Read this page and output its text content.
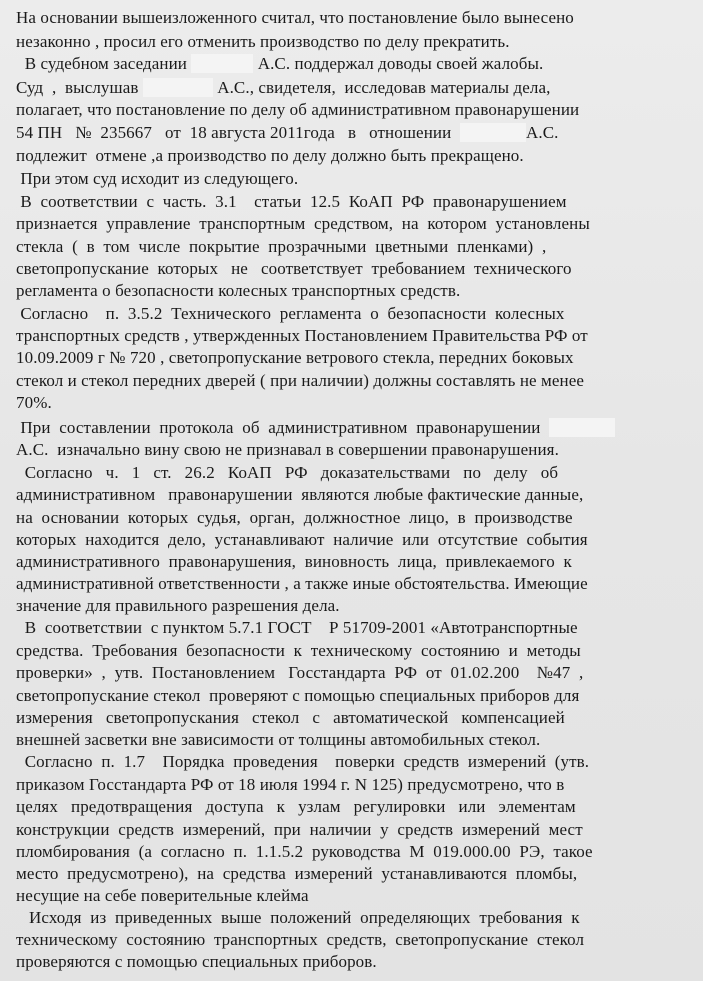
На основании вышеизложенного считал, что постановление было вынесено
незаконно , просил его отменить производство по делу прекратить.
В судебном заседании	А.С. поддержал доводы своей жалобы.
Суд  ,  выслушав	А.С., свидетеля,  исследовав материалы дела,
полагает, что постановление по делу об административном правонарушении
54 ПН   №  235667   от  18 августа 2011года   в   отношении	А.С.
подлежит  отмене ,а производство по делу должно быть прекращено.
При этом суд исходит из следующего.
В  соответствии  с  часть.  3.1    статьи  12.5  КоАП  РФ  правонарушением
признается  управление  транспортным  средством,  на  котором  установлены
стекла  (  в  том  числе  покрытие  прозрачными  цветными  пленками)  ,
светопропускание  которых   не   соответствует  требованием  технического
регламента о безопасности колесных транспортных средств.
Согласно    п.  3.5.2  Технического  регламента  о  безопасности  колесных
транспортных средств , утвержденных Постановлением Правительства РФ от
10.09.2009 г № 720 , светопропускание ветрового стекла, передних боковых
стекол и стекол передних дверей ( при наличии) должны составлять не менее
70%.
При  составлении  протокола  об  административном  правонарушении
А.С.  изначально вину свою не признавал в совершении правонарушения.
Согласно   ч.   1   ст.   26.2   КоАП   РФ   доказательствами   по   делу   об
административном   правонарушении  являются любые фактические данные,
на  основании  которых  судья,  орган,  должностное  лицо,  в  производстве
которых  находится  дело,  устанавливают  наличие  или  отсутствие  события
административного  правонарушения,  виновность  лица,  привлекаемого  к
административной ответственности , а также иные обстоятельства. Имеющие
значение для правильного разрешения дела.
В  соответствии  с пунктом 5.7.1 ГОСТ    Р 51709-2001 «Автотранспортные
средства.  Требования  безопасности  к  техническому  состоянию  и  методы
проверки»  ,  утв.  Постановлением   Госстандарта  РФ  от  01.02.200    №47  ,
светопропускание стекол  проверяют с помощью специальных приборов для
измерения   светопропускания   стекол   с   автоматической   компенсацией
внешней засветки вне зависимости от толщины автомобильных стекол.
Согласно  п.  1.7    Порядка  проведения    поверки  средств  измерений  (утв.
приказом Госстандарта РФ от 18 июля 1994 г. N 125) предусмотрено, что в
целях   предотвращения   доступа   к   узлам   регулировки   или   элементам
конструкции  средств  измерений,  при  наличии  у  средств  измерений  мест
пломбирования  (а  согласно  п.  1.1.5.2  руководства  М  019.000.00  РЭ,  такое
место  предусмотрено),  на  средства  измерений  устанавливаются  пломбы,
несущие на себе поверительные клейма
Исходя  из  приведенных  выше  положений  определяющих  требования  к
техническому  состоянию  транспортных  средств,  светопропускание  стекол
проверяются с помощью специальных приборов.
